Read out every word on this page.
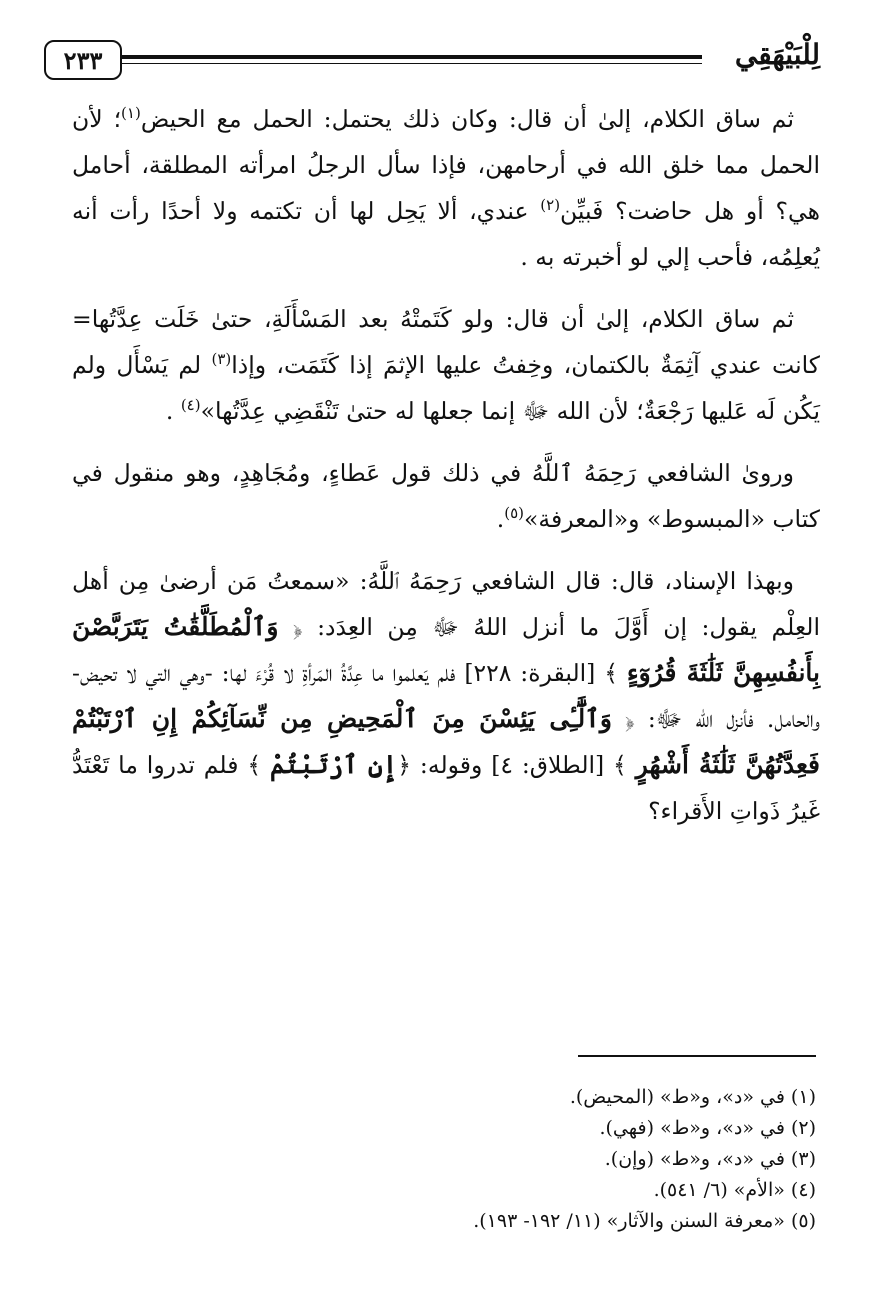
٢٣٣	لِلْبَيْهَقِي

ثم ساق الكلام، إلىٰ أن قال: وكان ذلك يحتمل: الحمل مع الحيض$^{(١)}$؛ لأن الحمل مما خلق الله في أرحامهن، فإذا سأل الرجلُ امرأته المطلقة، أحامل هي؟ أو هل حاضت؟ فَبيِّن$^{(٢)}$ عندي، ألا يَحِل لها أن تكتمه ولا أحدًا رأت أنه يُعلِمُه، فأحب إلي لو أخبرته به .

ثم ساق الكلام، إلىٰ أن قال: ولو كَتَمتْهُ بعد المَسْأَلَةِ، حتىٰ خَلَت عِدَّتُها= كانت عندي آثِمَةٌ بالكتمان، وخِفتُ عليها الإثمَ إذا كَتَمَت، وإذا$^{(٣)}$ لم يَسْأَل ولم يَكُن لَه عَليها رَجْعَةٌ؛ لأن الله ﷻ إنما جعلها له حتىٰ تَنْقَضِي عِدَّتُها»$^{(٤)}$ .

وروىٰ الشافعي رَحِمَهُ ٱللَّهُ في ذلك قول عَطاءٍ، ومُجَاهِدٍ، وهو منقول في كتاب «المبسوط» و«المعرفة»$^{(٥)}$.

وبهذا الإسناد، قال: قال الشافعي رَحِمَهُ ٱللَّهُ: «سمعتُ مَن أرضىٰ مِن أهل العِلْم يقول: إن أَوَّلَ ما أنزل اللهُ ﷻ مِن العِدَد: ﴿ وَٱلْمُطَلَّقَٰتُ يَتَرَبَّصْنَ بِأَنفُسِهِنَّ ثَلَٰثَةَ قُرُوٓءٍ ﴾ [البقرة: ٢٢٨] فلم يَعلموا ما عِدَّةُ المَرأةِ لا قُرْءَ لها: -وهي التي لا تحيض- والحامل. فأنزل الله ﷻ: ﴿ وَٱلَّٰٓـِٔى يَئِسْنَ مِنَ ٱلْمَحِيضِ مِن نِّسَآئِكُمْ إِنِ ٱرْتَبْتُمْ فَعِدَّتُهُنَّ ثَلَٰثَةُ أَشْهُرٍ ﴾ [الطلاق: ٤] وقوله: ﴿إِنِ ٱرْتَبْتُمْ ﴾ فلم تدروا ما تَعْتَدُّ غَيرُ ذَواتِ الأَقراء؟

(١) في «د»، و«ط» (المحيض).
(٢) في «د»، و«ط» (فهي).
(٣) في «د»، و«ط» (وإن).
(٤) «الأم» (٦/ ٥٤١).
(٥) «معرفة السنن والآثار» (١١/ ١٩٢- ١٩٣).
